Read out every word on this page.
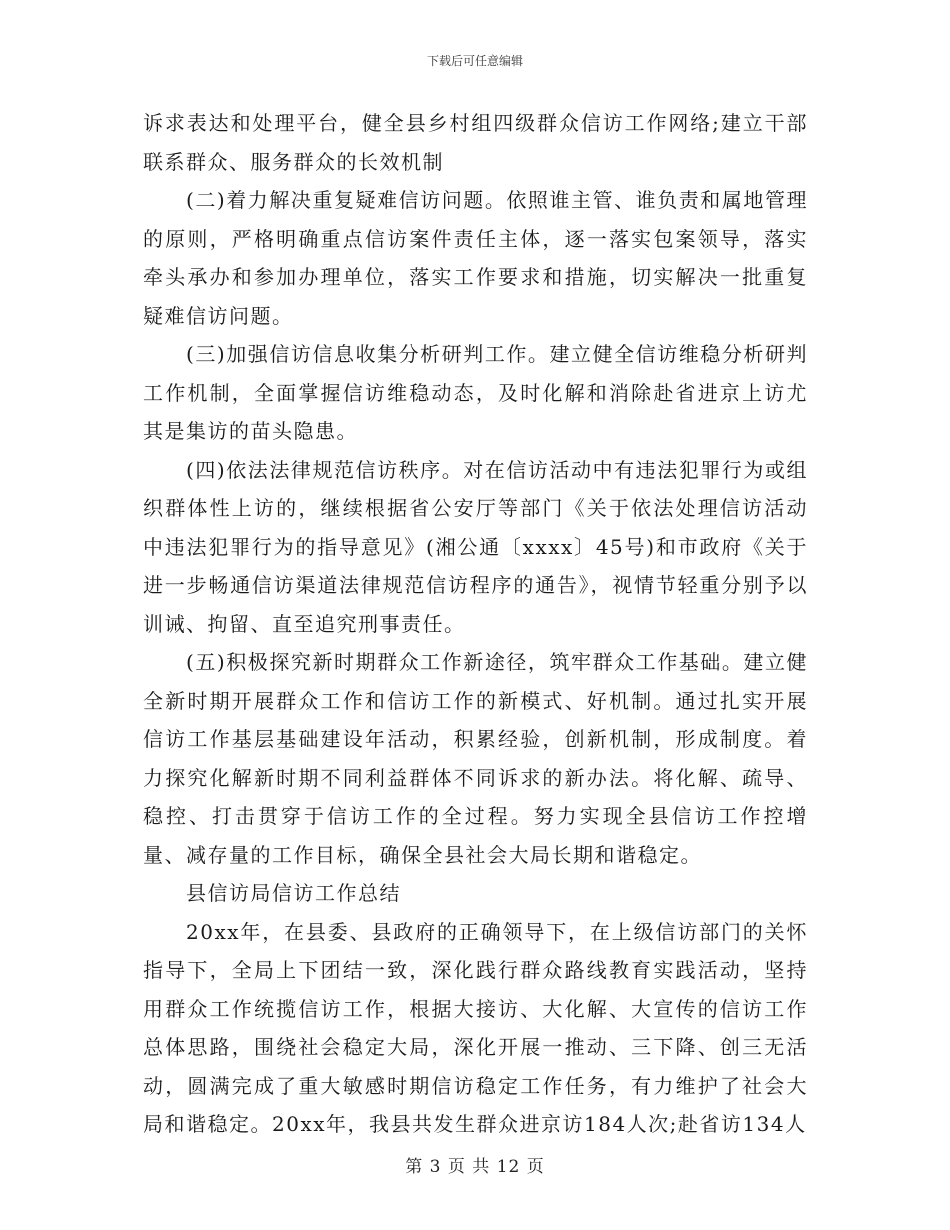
下载后可任意编辑

诉求表达和处理平台，健全县乡村组四级群众信访工作网络;建立干部联系群众、服务群众的长效机制

(二)着力解决重复疑难信访问题。依照谁主管、谁负责和属地管理的原则，严格明确重点信访案件责任主体，逐一落实包案领导，落实牵头承办和参加办理单位，落实工作要求和措施，切实解决一批重复疑难信访问题。

(三)加强信访信息收集分析研判工作。建立健全信访维稳分析研判工作机制，全面掌握信访维稳动态，及时化解和消除赴省进京上访尤其是集访的苗头隐患。

(四)依法法律规范信访秩序。对在信访活动中有违法犯罪行为或组织群体性上访的，继续根据省公安厅等部门《关于依法处理信访活动中违法犯罪行为的指导意见》(湘公通〔xxxx〕45号)和市政府《关于进一步畅通信访渠道法律规范信访程序的通告》，视情节轻重分别予以训诫、拘留、直至追究刑事责任。

(五)积极探究新时期群众工作新途径，筑牢群众工作基础。建立健全新时期开展群众工作和信访工作的新模式、好机制。通过扎实开展信访工作基层基础建设年活动，积累经验，创新机制，形成制度。着力探究化解新时期不同利益群体不同诉求的新办法。将化解、疏导、稳控、打击贯穿于信访工作的全过程。努力实现全县信访工作控增量、减存量的工作目标，确保全县社会大局长期和谐稳定。

县信访局信访工作总结

20xx年，在县委、县政府的正确领导下，在上级信访部门的关怀指导下，全局上下团结一致，深化践行群众路线教育实践活动，坚持用群众工作统揽信访工作，根据大接访、大化解、大宣传的信访工作总体思路，围绕社会稳定大局，深化开展一推动、三下降、创三无活动，圆满完成了重大敏感时期信访稳定工作任务，有力维护了社会大局和谐稳定。20xx年，我县共发生群众进京访184人次;赴省访134人

第 3 页 共 12 页
